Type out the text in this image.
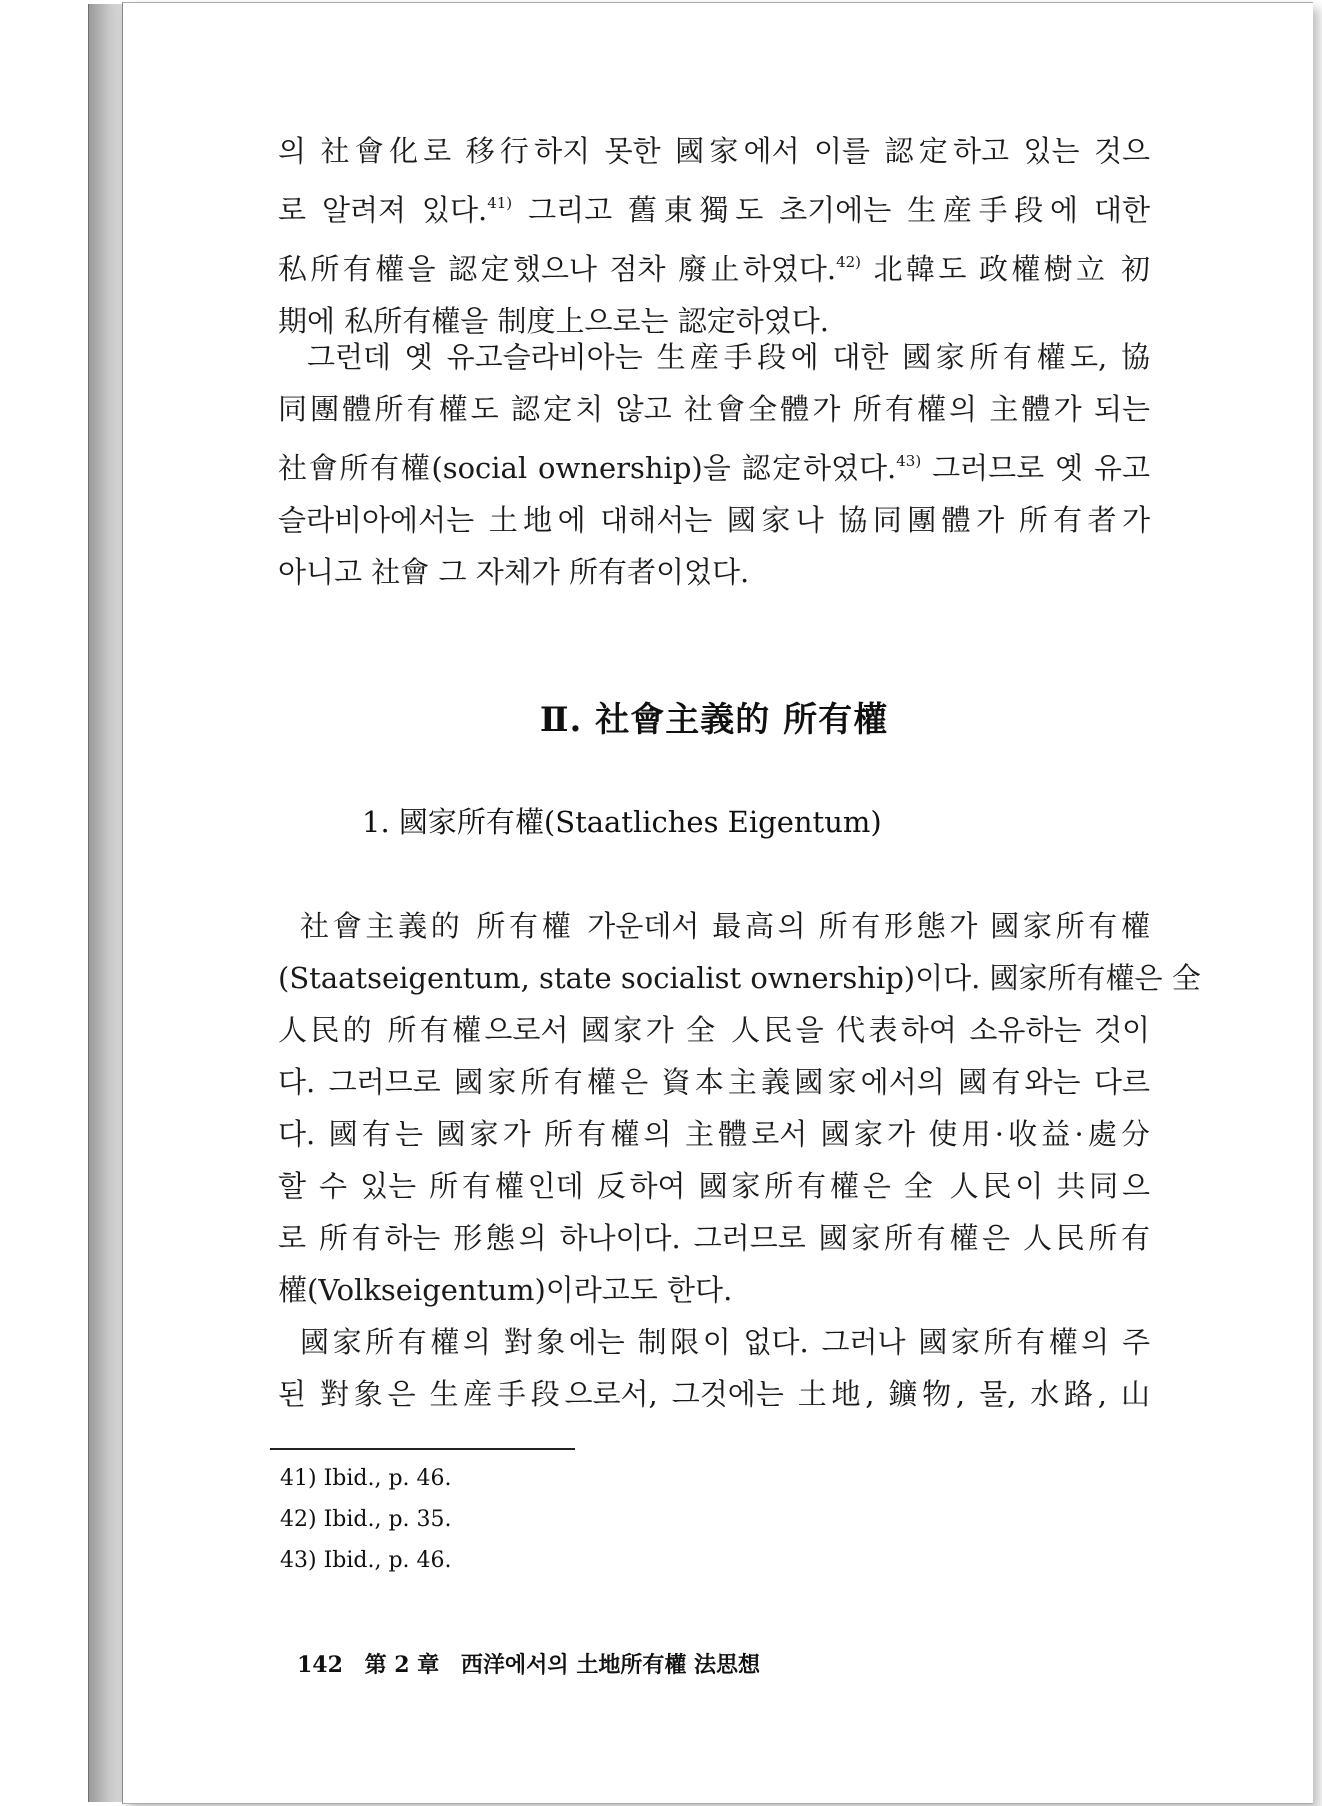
의 社會化로 移行하지 못한 國家에서 이를 認定하고 있는 것으
로 알려져 있다.$^{41)}$ 그리고 舊東獨도 초기에는 生産手段에 대한
私所有權을 認定했으나 점차 廢止하였다.$^{42)}$ 北韓도 政權樹立 初
期에 私所有權을 制度上으로는 認定하였다.
그런데 옛 유고슬라비아는 生産手段에 대한 國家所有權도, 協
同團體所有權도 認定치 않고 社會全體가 所有權의 主體가 되는
社會所有權(social ownership)을 認定하였다.$^{43)}$ 그러므로 옛 유고
슬라비아에서는 土地에 대해서는 國家나 協同團體가 所有者가
아니고 社會 그 자체가 所有者이었다.
Ⅱ. 社會主義的 所有權
1. 國家所有權(Staatliches Eigentum)
社會主義的 所有權 가운데서 最高의 所有形態가 國家所有權
(Staatseigentum, state socialist ownership)이다. 國家所有權은 全
人民的 所有權으로서 國家가 全 人民을 代表하여 소유하는 것이
다. 그러므로 國家所有權은 資本主義國家에서의 國有와는 다르
다. 國有는 國家가 所有權의 主體로서 國家가 使用·收益·處分
할 수 있는 所有權인데 反하여 國家所有權은 全 人民이 共同으
로 所有하는 形態의 하나이다. 그러므로 國家所有權은 人民所有
權(Volkseigentum)이라고도 한다.
國家所有權의 對象에는 制限이 없다. 그러나 國家所有權의 주
된 對象은 生産手段으로서, 그것에는 土地, 鑛物, 물, 水路, 山
41) Ibid., p. 46.
42) Ibid., p. 35.
43) Ibid., p. 46.
142 第 2 章 西洋에서의 土地所有權 法思想
